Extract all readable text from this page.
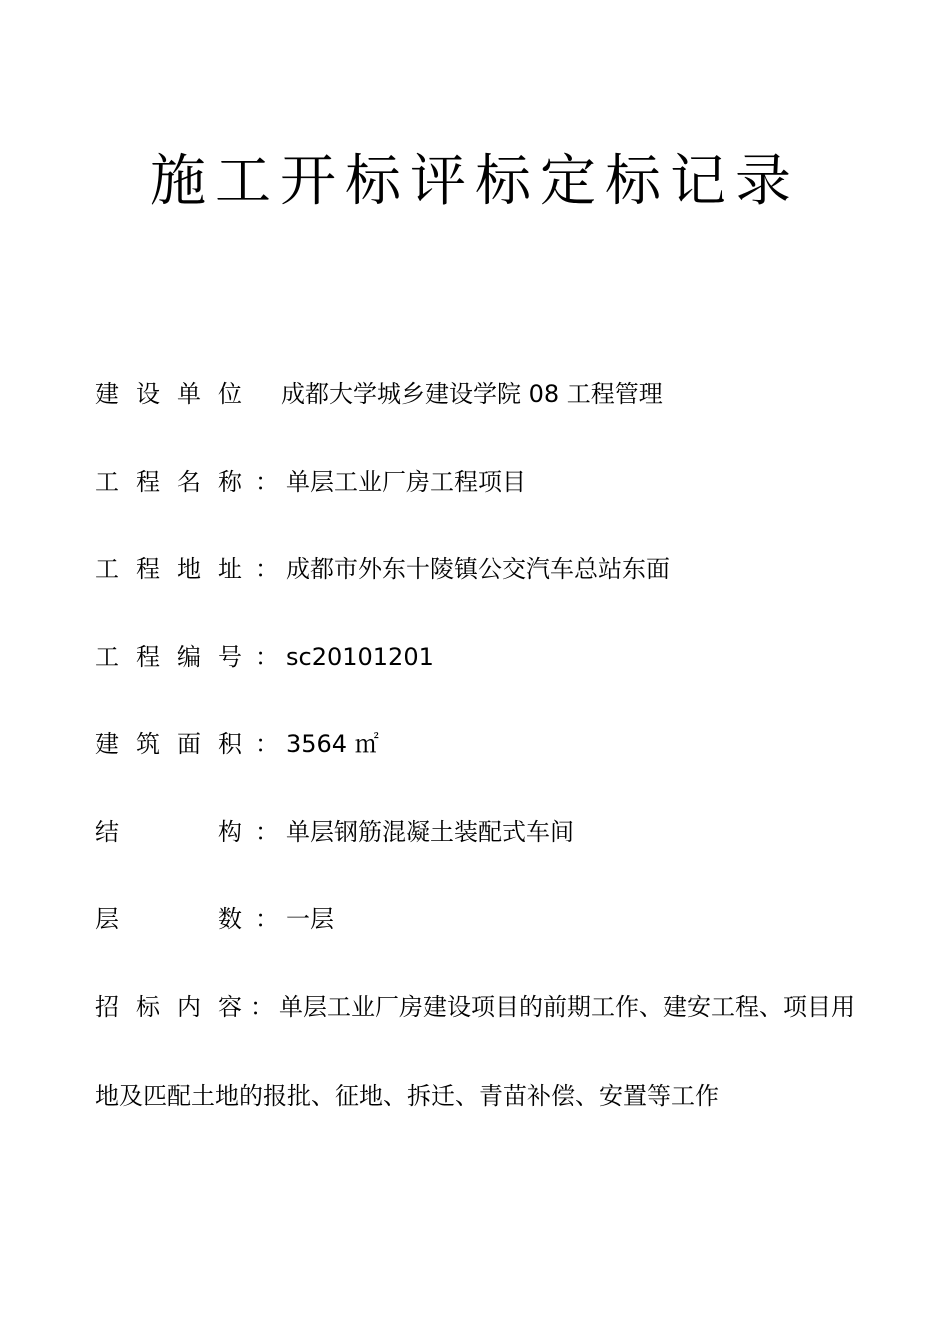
施工开标评标定标记录
建 设 单 位 成都大学城乡建设学院 08 工程管理
工 程 名 称 ： 单层工业厂房工程项目
工 程 地 址 ： 成都市外东十陵镇公交汽车总站东面
工 程 编 号 ： sc20101201
建 筑 面 积 ： 3564 ㎡
结	构 ： 单层钢筋混凝土装配式车间
层	数 ： 一层
招 标 内 容 ： 单层工业厂房建设项目的前期工作、建安工程、项目用
地及匹配土地的报批、征地、拆迁、青苗补偿、安置等工作
